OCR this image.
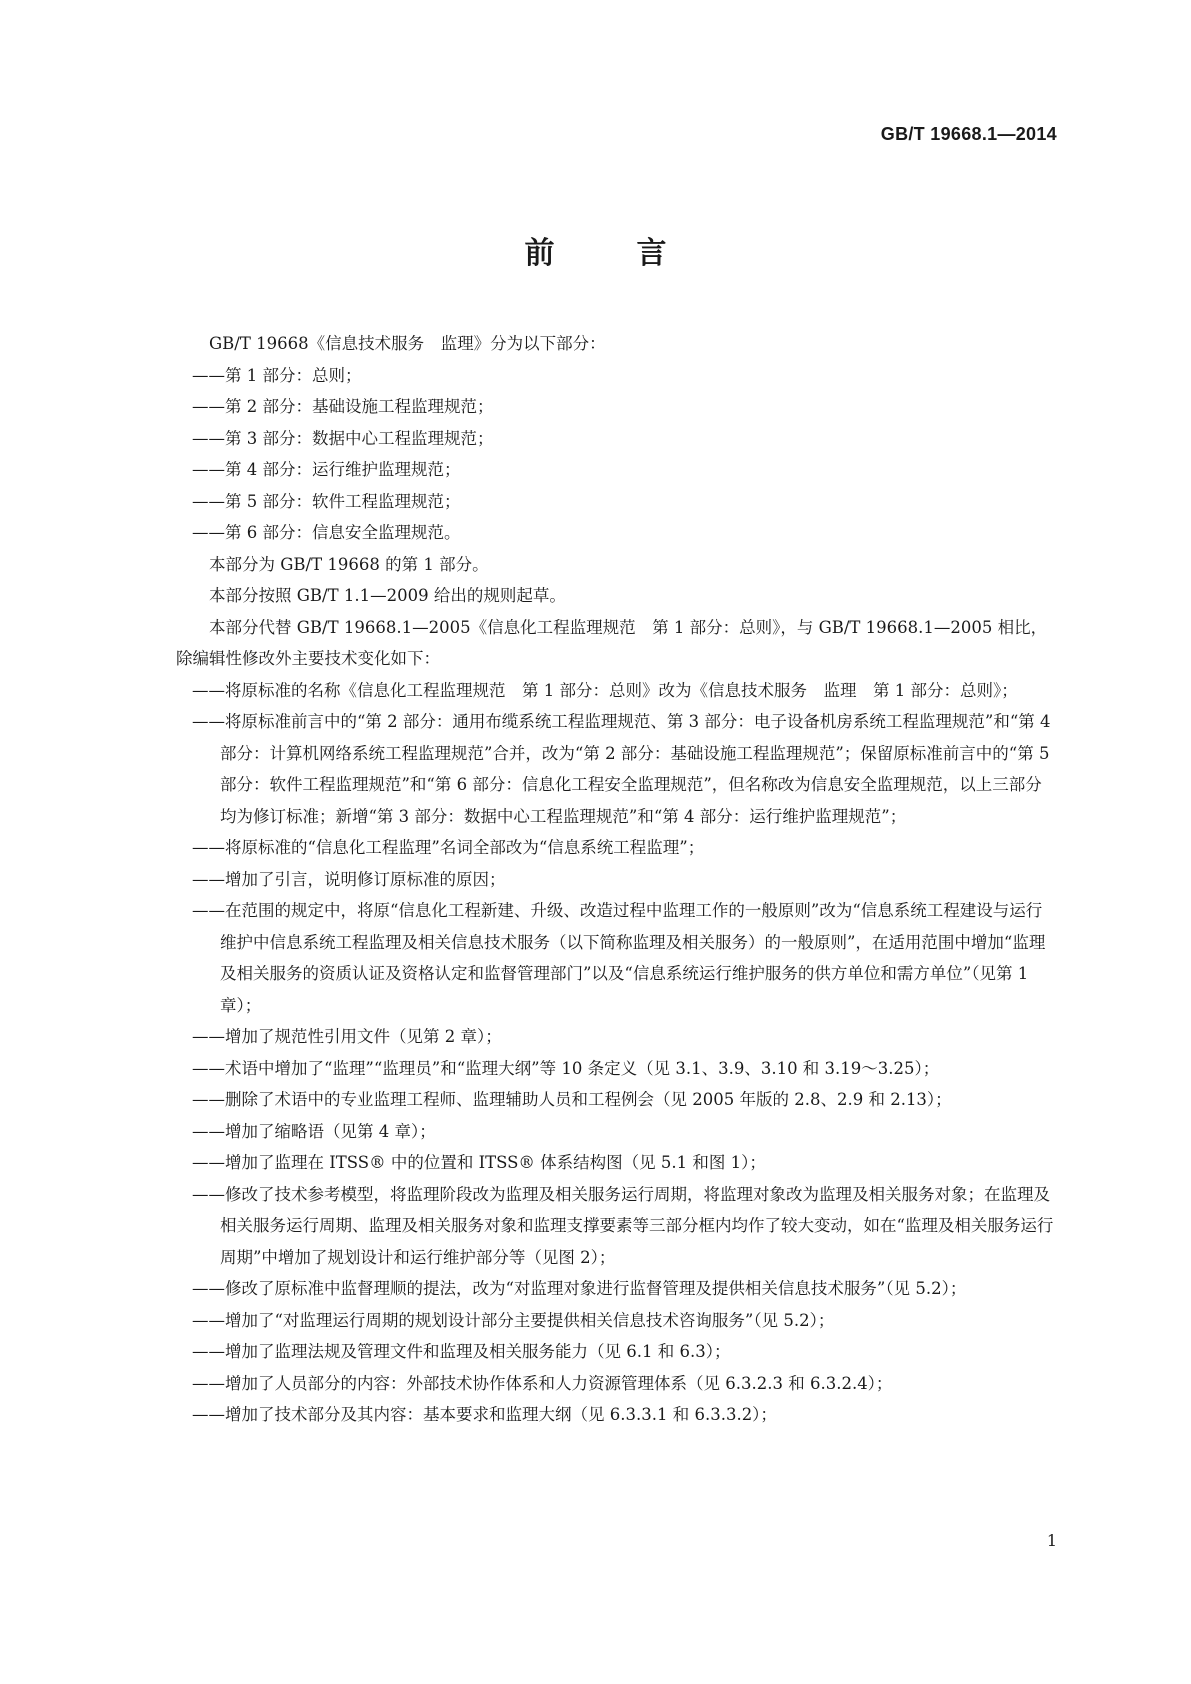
GB/T 19668.1—2014

前　言

GB/T 19668《信息技术服务　监理》分为以下部分：

——第 1 部分：总则；

——第 2 部分：基础设施工程监理规范；

——第 3 部分：数据中心工程监理规范；

——第 4 部分：运行维护监理规范；

——第 5 部分：软件工程监理规范；

——第 6 部分：信息安全监理规范。

本部分为 GB/T 19668 的第 1 部分。

本部分按照 GB/T 1.1—2009 给出的规则起草。

本部分代替 GB/T 19668.1—2005《信息化工程监理规范　第 1 部分：总则》，与 GB/T 19668.1—2005 相比，除编辑性修改外主要技术变化如下：

——将原标准的名称《信息化工程监理规范　第 1 部分：总则》改为《信息技术服务　监理　第 1 部分：总则》；

——将原标准前言中的“第 2 部分：通用布缆系统工程监理规范、第 3 部分：电子设备机房系统工程监理规范”和“第 4 部分：计算机网络系统工程监理规范”合并，改为“第 2 部分：基础设施工程监理规范”；保留原标准前言中的“第 5 部分：软件工程监理规范”和“第 6 部分：信息化工程安全监理规范”，但名称改为信息安全监理规范，以上三部分均为修订标准；新增“第 3 部分：数据中心工程监理规范”和“第 4 部分：运行维护监理规范”；

——将原标准的“信息化工程监理”名词全部改为“信息系统工程监理”；

——增加了引言，说明修订原标准的原因；

——在范围的规定中，将原“信息化工程新建、升级、改造过程中监理工作的一般原则”改为“信息系统工程建设与运行维护中信息系统工程监理及相关信息技术服务（以下简称监理及相关服务）的一般原则”，在适用范围中增加“监理及相关服务的资质认证及资格认定和监督管理部门”以及“信息系统运行维护服务的供方单位和需方单位”（见第 1 章）；

——增加了规范性引用文件（见第 2 章）；

——术语中增加了“监理”“监理员”和“监理大纲”等 10 条定义（见 3.1、3.9、3.10 和 3.19～3.25）；

——删除了术语中的专业监理工程师、监理辅助人员和工程例会（见 2005 年版的 2.8、2.9 和 2.13）；

——增加了缩略语（见第 4 章）；

——增加了监理在 ITSS® 中的位置和 ITSS® 体系结构图（见 5.1 和图 1）；

——修改了技术参考模型，将监理阶段改为监理及相关服务运行周期，将监理对象改为监理及相关服务对象；在监理及相关服务运行周期、监理及相关服务对象和监理支撑要素等三部分框内均作了较大变动，如在“监理及相关服务运行周期”中增加了规划设计和运行维护部分等（见图 2）；

——修改了原标准中监督理顺的提法，改为“对监理对象进行监督管理及提供相关信息技术服务”（见 5.2）；

——增加了“对监理运行周期的规划设计部分主要提供相关信息技术咨询服务”（见 5.2）；

——增加了监理法规及管理文件和监理及相关服务能力（见 6.1 和 6.3）；

——增加了人员部分的内容：外部技术协作体系和人力资源管理体系（见 6.3.2.3 和 6.3.2.4）；

——增加了技术部分及其内容：基本要求和监理大纲（见 6.3.3.1 和 6.3.3.2）；

1
